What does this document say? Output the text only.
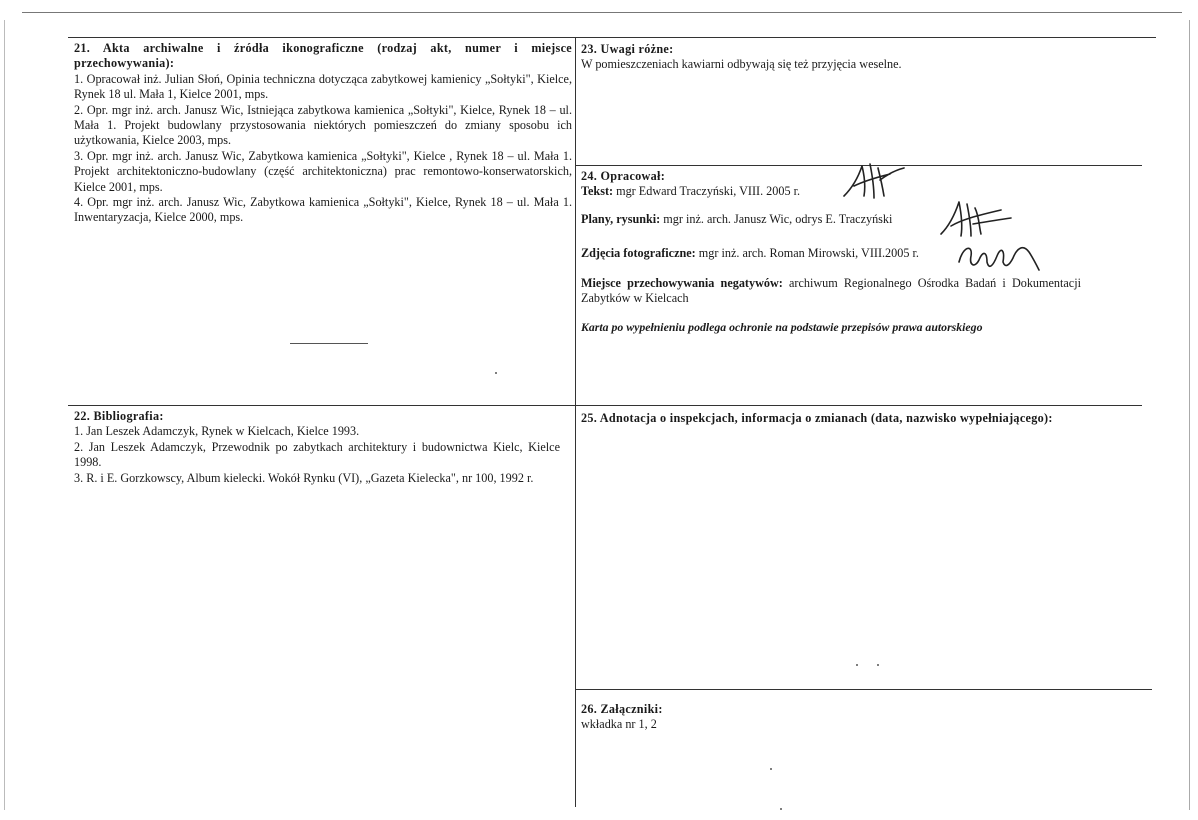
21. Akta archiwalne i źródła ikonograficzne (rodzaj akt, numer i miejsce przechowywania):

1. Opracował inż. Julian Słoń, Opinia techniczna dotycząca zabytkowej kamienicy „Sołtyki", Kielce, Rynek 18 ul. Mała 1, Kielce 2001, mps.

2. Opr. mgr inż. arch. Janusz Wic, Istniejąca zabytkowa kamienica „Sołtyki", Kielce, Rynek 18 – ul. Mała 1. Projekt budowlany przystosowania niektórych pomieszczeń do zmiany sposobu ich użytkowania, Kielce 2003, mps.

3. Opr. mgr inż. arch. Janusz Wic, Zabytkowa kamienica „Sołtyki", Kielce , Rynek 18 – ul. Mała 1. Projekt architektoniczno-budowlany (część architektoniczna) prac remontowo-konserwatorskich, Kielce 2001, mps.

4. Opr. mgr inż. arch. Janusz Wic, Zabytkowa kamienica „Sołtyki", Kielce, Rynek 18 – ul. Mała 1. Inwentaryzacja, Kielce 2000, mps.

22. Bibliografia:

1. Jan Leszek Adamczyk, Rynek w Kielcach, Kielce 1993.

2. Jan Leszek Adamczyk, Przewodnik po zabytkach architektury i budownictwa Kielc, Kielce 1998.

3. R. i E. Gorzkowscy, Album kielecki. Wokół Rynku (VI), „Gazeta Kielecka", nr 100, 1992 r.

23. Uwagi różne:

W pomieszczeniach kawiarni odbywają się też przyjęcia weselne.

24. Opracował:

Tekst: mgr Edward Traczyński, VIII. 2005 r.

Plany, rysunki: mgr inż. arch. Janusz Wic, odrys E. Traczyński

Zdjęcia fotograficzne: mgr inż. arch. Roman Mirowski, VIII.2005 r.

Miejsce przechowywania negatywów: archiwum Regionalnego Ośrodka Badań i Dokumentacji Zabytków w Kielcach

Karta po wypełnieniu podlega ochronie na podstawie przepisów prawa autorskiego

25. Adnotacja o inspekcjach, informacja o zmianach (data, nazwisko wypełniającego):

26. Załączniki:

wkładka nr 1, 2
